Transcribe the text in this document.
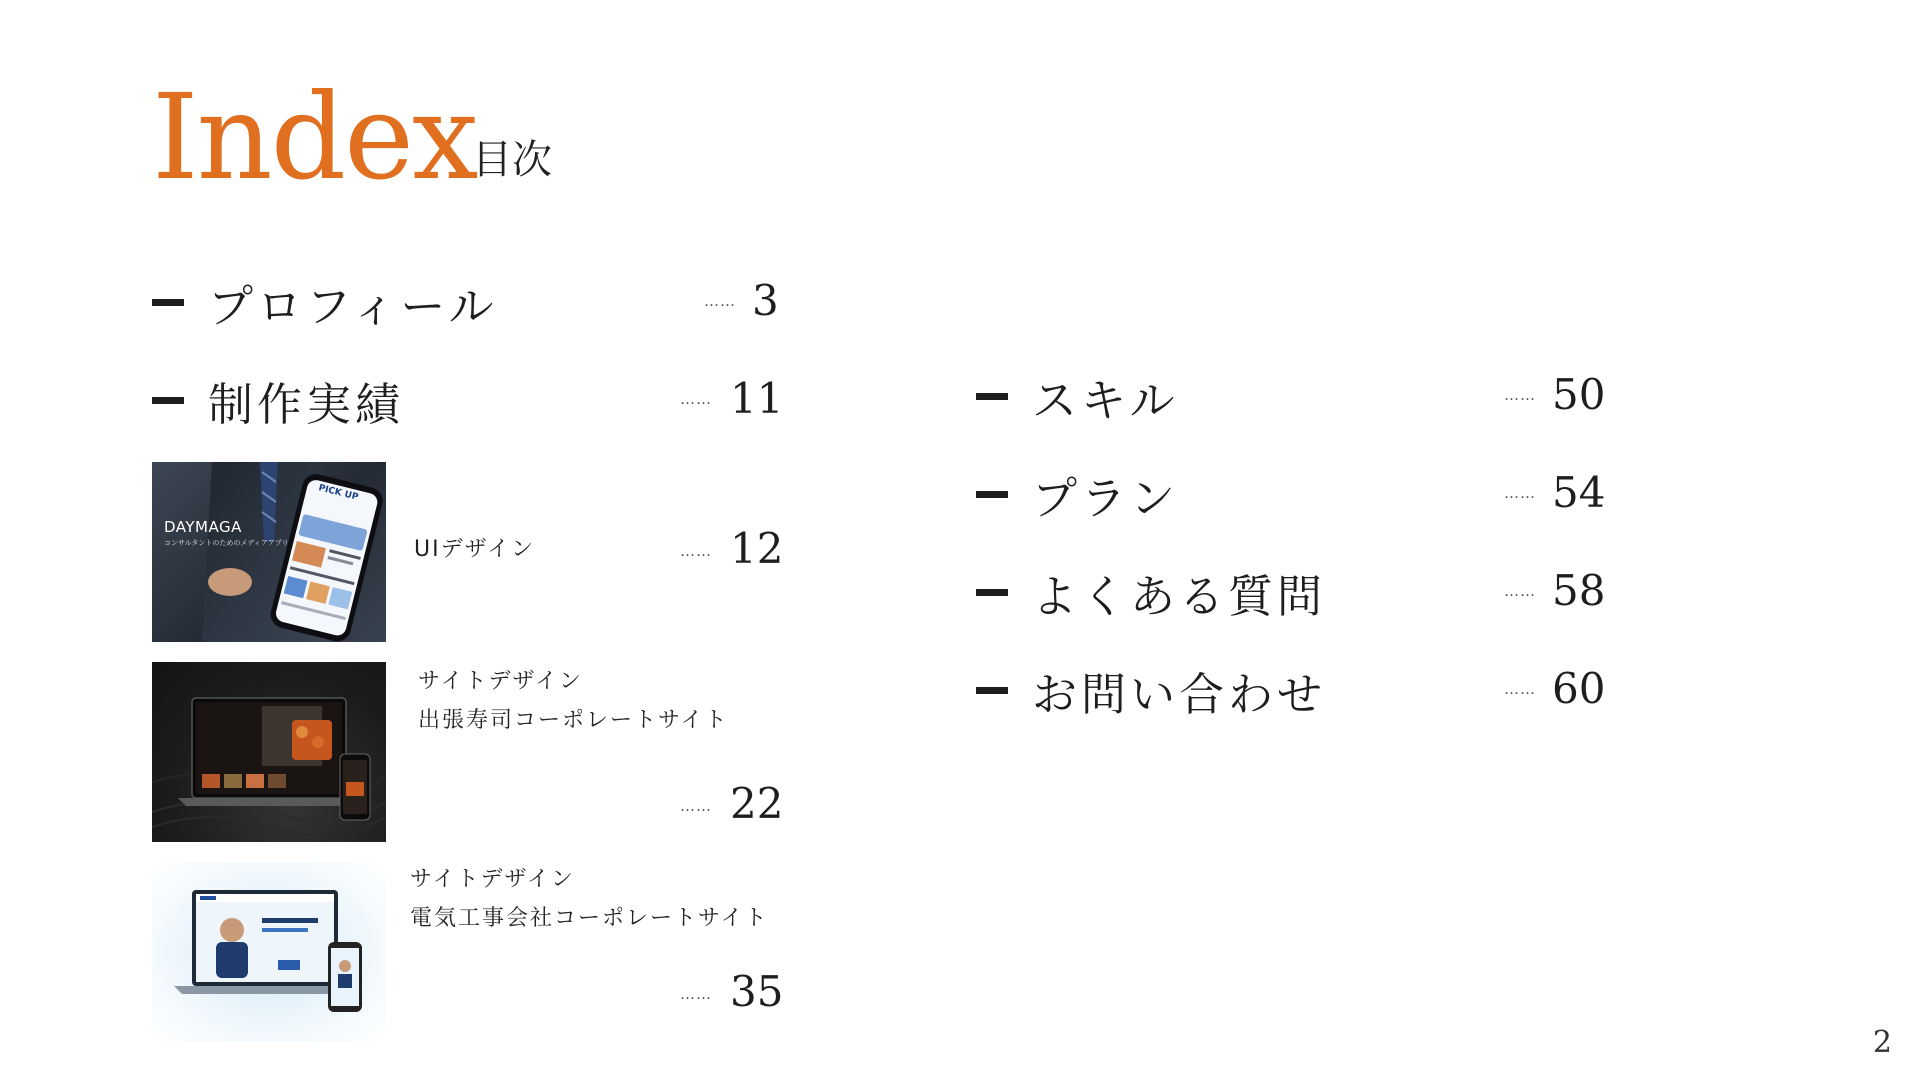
Index
目次
プロフィール	…… 3
制作実績	…… 11
DAYMAGA
コンサルタントのためのメディアアプリ
PICK UP
UIデザイン	…… 12
サイトデザイン
出張寿司コーポレートサイト
…… 22
サイトデザイン
電気工事会社コーポレートサイト
…… 35
スキル	…… 50
プラン	…… 54
よくある質問	…… 58
お問い合わせ	…… 60
2
